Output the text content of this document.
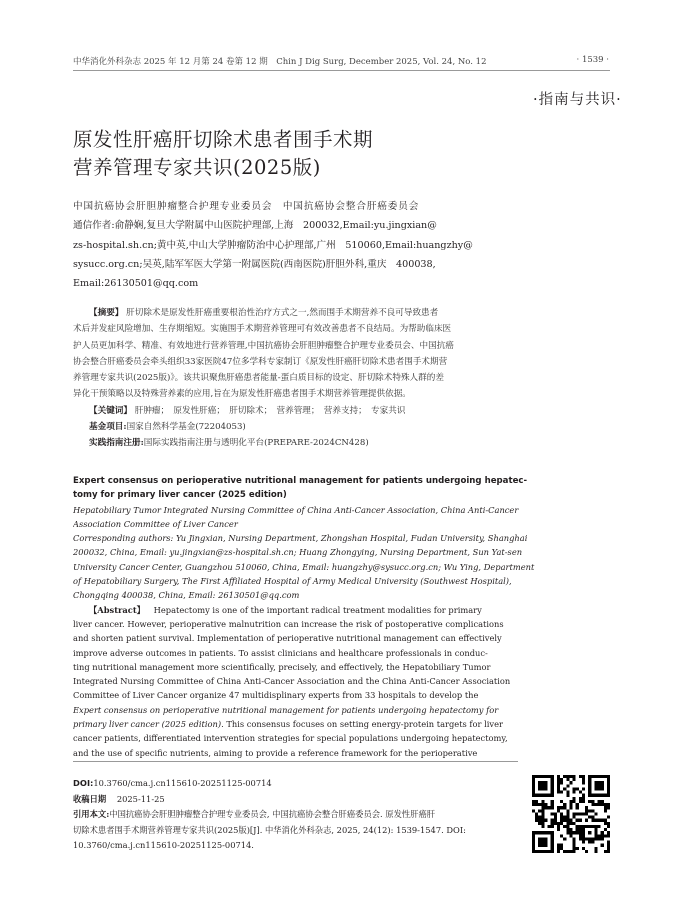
中华消化外科杂志 2025 年 12 月第 24 卷第 12 期　Chin J Dig Surg, December 2025, Vol. 24, No. 12	· 1539 ·
·指南与共识·
原发性肝癌肝切除术患者围手术期
营养管理专家共识(2025版)
中国抗癌协会肝胆肿瘤整合护理专业委员会　中国抗癌协会整合肝癌委员会
通信作者:俞静娴,复旦大学附属中山医院护理部,上海　200032,Email:yu.jingxian@
zs-hospital.sh.cn;黄中英,中山大学肿瘤防治中心护理部,广州　510060,Email:huangzhy@
sysucc.org.cn;吴英,陆军军医大学第一附属医院(西南医院)肝胆外科,重庆　400038,
Email:26130501@qq.com
【摘要】 肝切除术是原发性肝癌重要根治性治疗方式之一,然而围手术期营养不良可导致患者
术后并发症风险增加、生存期缩短。实施围手术期营养管理可有效改善患者不良结局。为帮助临床医
护人员更加科学、精准、有效地进行营养管理,中国抗癌协会肝胆肿瘤整合护理专业委员会、中国抗癌
协会整合肝癌委员会牵头组织33家医院47位多学科专家制订《原发性肝癌肝切除术患者围手术期营
养管理专家共识(2025版)》。该共识聚焦肝癌患者能量-蛋白质目标的设定、肝切除术特殊人群的差
异化干预策略以及特殊营养素的应用,旨在为原发性肝癌患者围手术期营养管理提供依据。
【关键词】 肝肿瘤；　原发性肝癌；　肝切除术；　营养管理；　营养支持；　专家共识
基金项目:国家自然科学基金(72204053)
实践指南注册:国际实践指南注册与透明化平台(PREPARE-2024CN428)
Expert consensus on perioperative nutritional management for patients undergoing hepatec-
tomy for primary liver cancer (2025 edition)
Hepatobiliary Tumor Integrated Nursing Committee of China Anti-Cancer Association, China Anti-Cancer
Association Committee of Liver Cancer
Corresponding authors: Yu Jingxian, Nursing Department, Zhongshan Hospital, Fudan University, Shanghai
200032, China, Email: yu.jingxian@zs-hospital.sh.cn; Huang Zhongying, Nursing Department, Sun Yat-sen
University Cancer Center, Guangzhou 510060, China, Email: huangzhy@sysucc.org.cn; Wu Ying, Department
of Hepatobiliary Surgery, The First Affiliated Hospital of Army Medical University (Southwest Hospital),
Chongqing 400038, China, Email: 26130501@qq.com
【Abstract】 Hepatectomy is one of the important radical treatment modalities for primary
liver cancer. However, perioperative malnutrition can increase the risk of postoperative complications
and shorten patient survival. Implementation of perioperative nutritional management can effectively
improve adverse outcomes in patients. To assist clinicians and healthcare professionals in conduc-
ting nutritional management more scientifically, precisely, and effectively, the Hepatobiliary Tumor
Integrated Nursing Committee of China Anti-Cancer Association and the China Anti-Cancer Association
Committee of Liver Cancer organize 47 multidisplinary experts from 33 hospitals to develop the
Expert consensus on perioperative nutritional management for patients undergoing hepatectomy for
primary liver cancer (2025 edition). This consensus focuses on setting energy-protein targets for liver
cancer patients, differentiated intervention strategies for special populations undergoing hepatectomy,
and the use of specific nutrients, aiming to provide a reference framework for the perioperative
DOI:10.3760/cma.j.cn115610-20251125-00714
收稿日期 2025-11-25
引用本文:中国抗癌协会肝胆肿瘤整合护理专业委员会, 中国抗癌协会整合肝癌委员会. 原发性肝癌肝
切除术患者围手术期营养管理专家共识(2025版)[J]. 中华消化外科杂志, 2025, 24(12): 1539-1547. DOI:
10.3760/cma.j.cn115610-20251125-00714.
